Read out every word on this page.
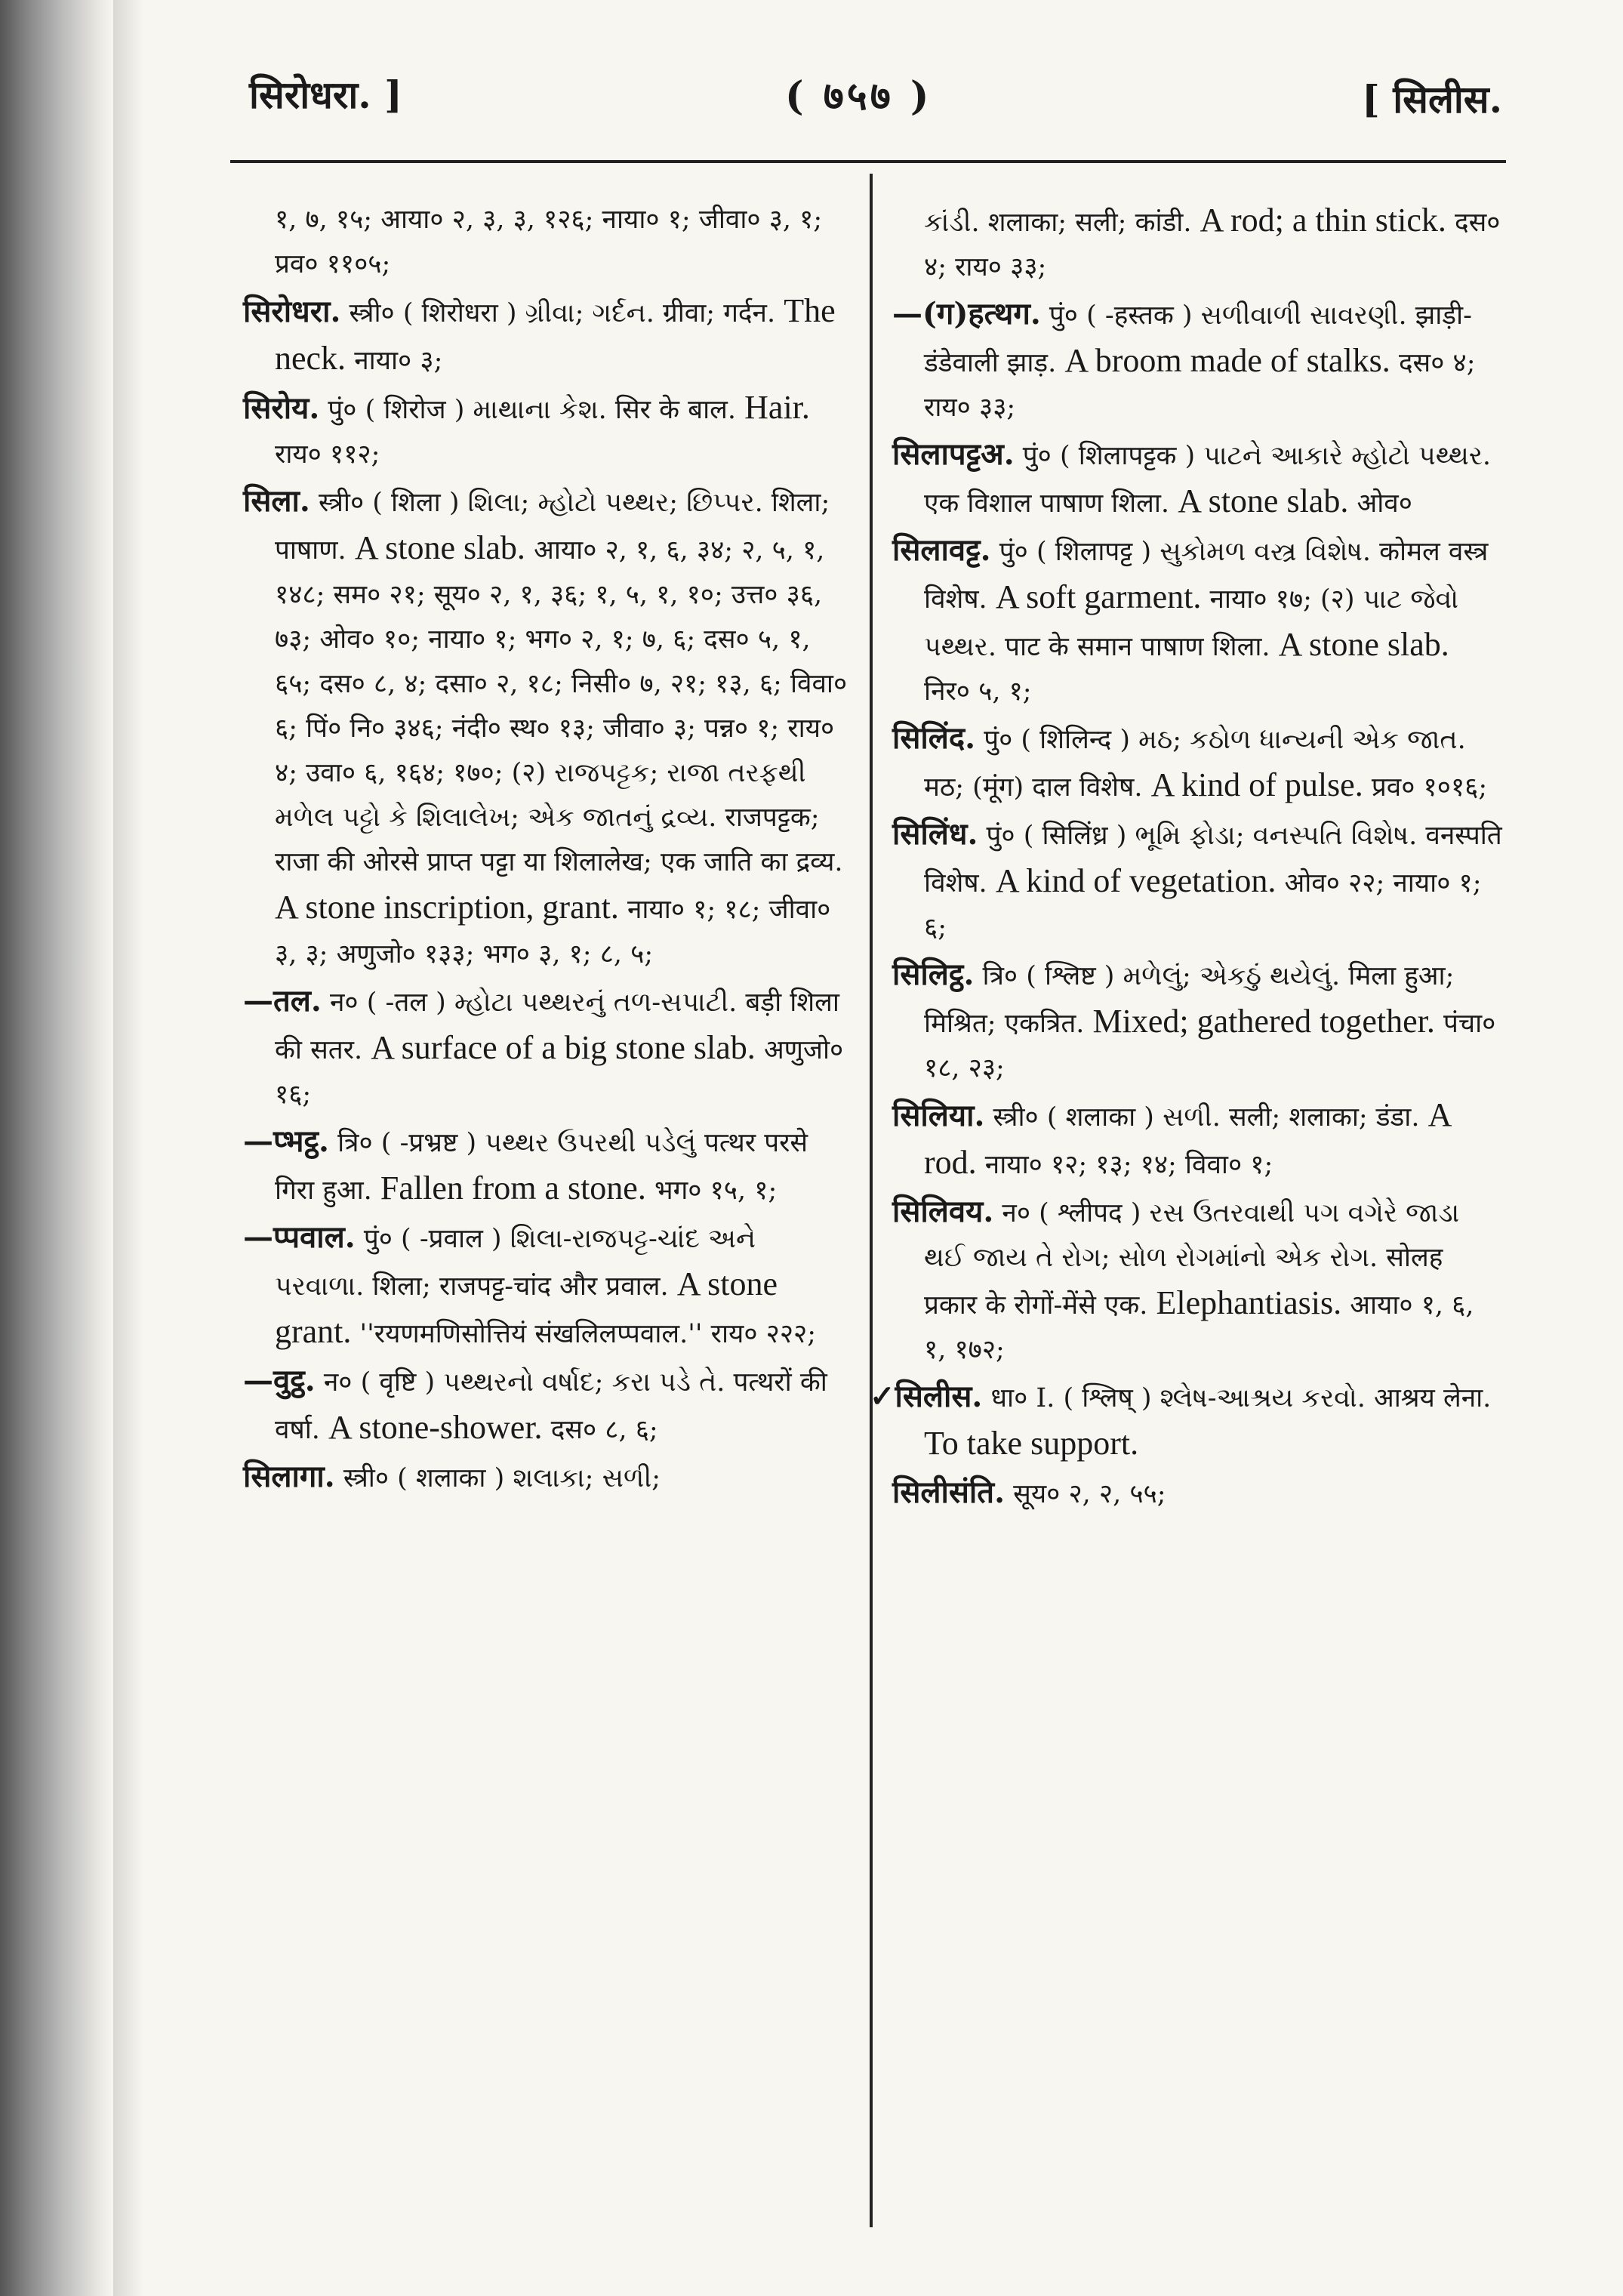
सिरोधरा. ]	( ७५७ )	[ सिलीस.
१, ७, १५; आया० २, ३, ३, १२६; नाया० १; जीवा० ३, १; प्रव० ११०५;
सिरोधरा. स्त्री० ( शिरोधरा ) ગ્રીવા; ગર્દન. ग्रीवा; गर्दन. The neck. नाया० ३;
सिरोय. पुं० ( शिरोज ) માથાના કેશ. सिर के बाल. Hair. राय० ११२;
सिला. स्त्री० ( शिला ) શિલા; મ્હોટો પથ્થર; છિપ્પર. शिला; पाषाण. A stone slab. आया० २, १, ६, ३४; २, ५, १, १४८; सम० २१; सूय० २, १, ३६; १, ५, १, १०; उत्त० ३६, ७३; ओव० १०; नाया० १; भग० २, १; ७, ६; दस० ५, १, ६५; दस० ८, ४; दसा० २, १८; निसी० ७, २१; १३, ६; विवा० ६; पिं० नि० ३४६; नंदी० स्थ० १३; जीवा० ३; पन्न० १; राय० ४; उवा० ६, १६४; १७०; (२) રાજપટ્ટક; રાજા તરફથી મળેલ પટ્ટો કે શિલાલેખ; એક જાતનું દ્રવ્ય. राजपट्टक; राजा की ओरसे प्राप्त पट्टा या शिलालेख; एक जाति का द्रव्य. A stone inscription, grant. नाया० १; १८; जीवा० ३, ३; अणुजो० १३३; भग० ३, १; ८, ५;
—तल. न० ( -तल ) મ્હોટા પથ્થરનું તળ-સપાટી. बड़ी शिला की सतर. A surface of a big stone slab. अणुजो० १६;
—प्भट्ठ. त्रि० ( -प्रभ्रष्ट ) પથ્થર ઉપરથી પડેલું पत्थर परसे गिरा हुआ. Fallen from a stone. भग० १५, १;
—प्पवाल. पुं० ( -प्रवाल ) શિલા-રાજપટ્ટ-ચાંદ અને પરવાળા. शिला; राजपट्ट-चांद और प्रवाल. A stone grant. ''रयणमणिसोत्तियं संखलिलप्पवाल.'' राय० २२२;
—वुट्ठ. न० ( वृष्टि ) પથ્થરનો વર્ષાદ; કરા પડે તે. पत्थरों की वर्षा. A stone-shower. दस० ८, ६;
सिलागा. स्त्री० ( शलाका ) શલાકા; સળી;
કાંડી. शलाका; सली; कांडी. A rod; a thin stick. दस० ४; राय० ३३;
—(ग)हत्थग. पुं० ( -हस्तक ) સળીવાળી સાવરણી. झाड़ी-डंडेवाली झाड़. A broom made of stalks. दस० ४; राय० ३३;
सिलापट्टअ. पुं० ( शिलापट्टक ) પાટને આકારે મ્હોટો પથ્થર. एक विशाल पाषाण शिला. A stone slab. ओव०
सिलावट्ट. पुं० ( शिलापट्ट ) સુકોમળ વસ્ત્ર વિશેષ. कोमल वस्त्र विशेष. A soft garment. नाया० १७; (२) પાટ જેવો પથ્થર. पाट के समान पाषाण शिला. A stone slab. निर० ५, १;
सिलिंद. पुं० ( शिलिन्द ) મઠ; કઠોળ ધાન્યની એક જાત. मठ; (मूंग) दाल विशेष. A kind of pulse. प्रव० १०१६;
सिलिंध. पुं० ( सिलिंध्र ) ભૂમિ ફોડા; વનસ્પતિ વિશેષ. वनस्पति विशेष. A kind of vegetation. ओव० २२; नाया० १; ६;
सिलिट्ठ. त्रि० ( श्लिष्ट ) મળેલું; એકઠું થયેલું. मिला हुआ; मिश्रित; एकत्रित. Mixed; gathered together. पंचा० १८, २३;
सिलिया. स्त्री० ( शलाका ) સળી. सली; शलाका; डंडा. A rod. नाया० १२; १३; १४; विवा० १;
सिलिवय. न० ( श्लीपद ) રસ ઉતરવાથી પગ વગેરે જાડા થઈ જાય તે રોગ; સોળ રોગમાંનો એક રોગ. सोलह प्रकार के रोगों-मेंसे एक. Elephantiasis. आया० १, ६, १, १७२;
✓सिलीस. धा० I. ( श्लिष् ) શ્લેષ-આશ્રય કરવો. आश्रय लेना. To take support.
सिलीसंति. सूय० २, २, ५५;
